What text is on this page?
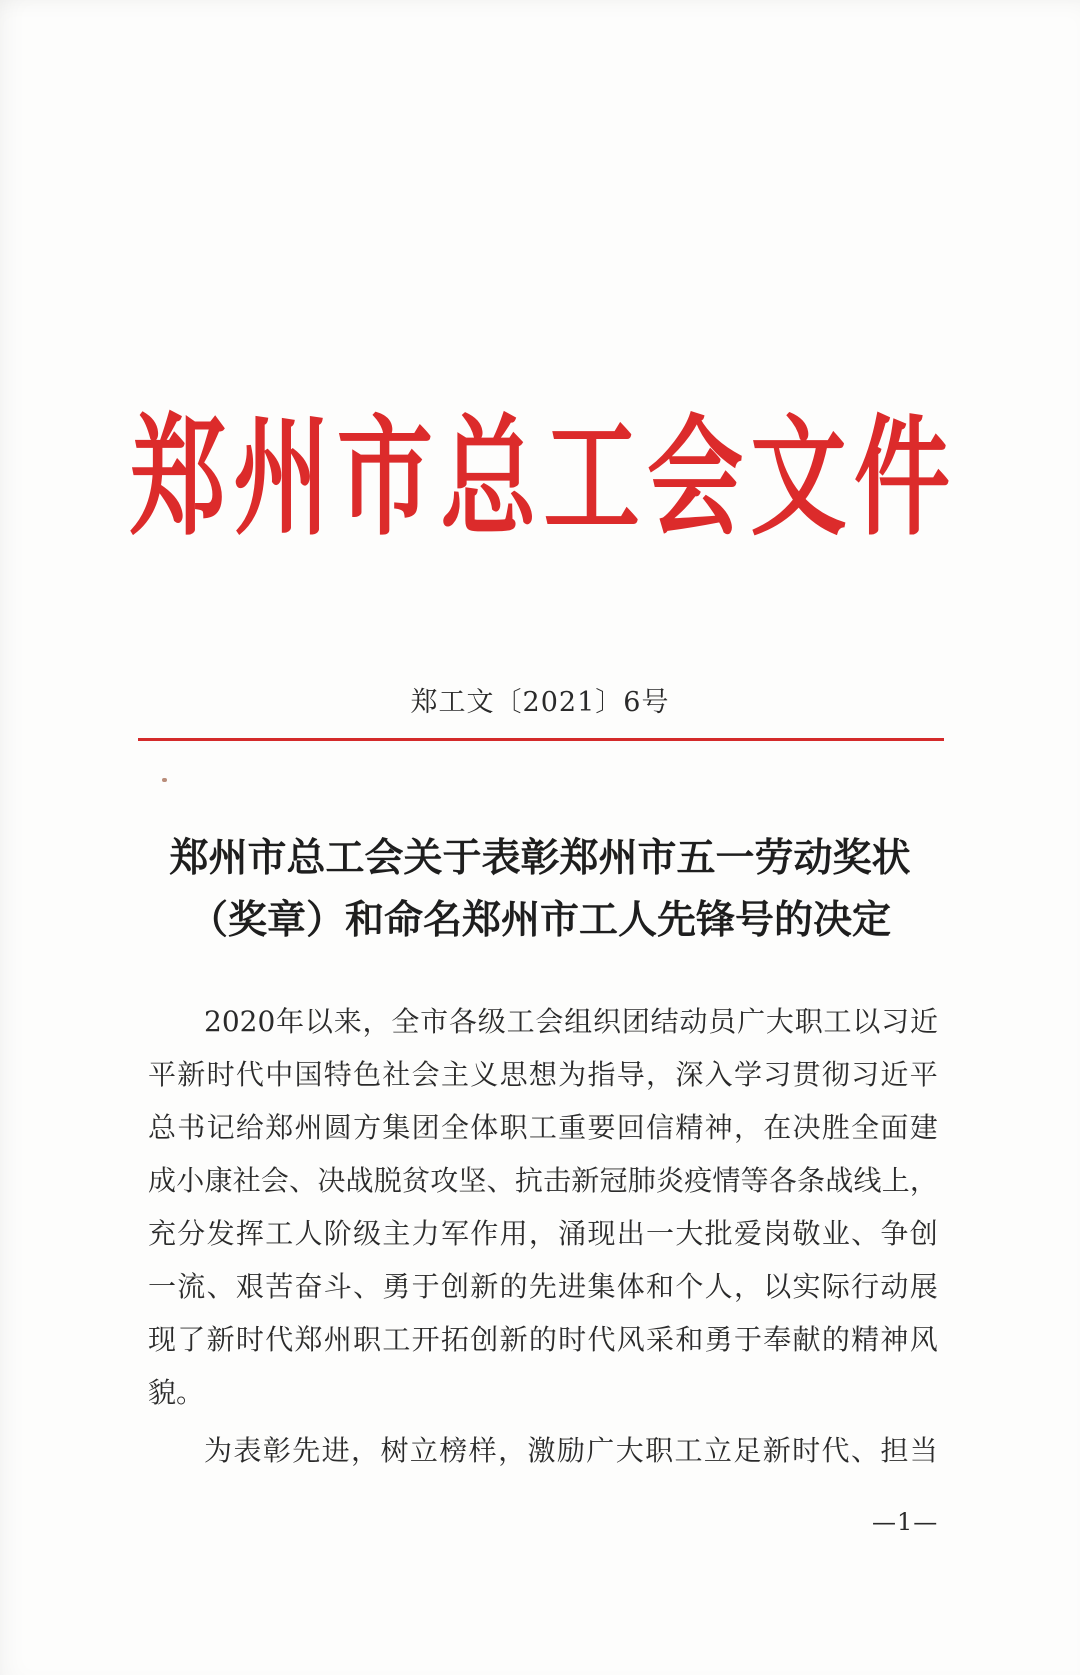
郑 州 市 总 工 会 文 件
郑工文〔2021〕6号
郑州市总工会关于表彰郑州市五一劳动奖状
（奖章）和命名郑州市工人先锋号的决定
2020 年 以 来 ， 全 市 各 级 工 会 组 织 团 结 动 员 广 大 职 工 以 习 近
平 新 时 代 中 国 特 色 社 会 主 义 思 想 为 指 导 ， 深 入 学 习 贯 彻 习 近 平
总 书 记 给 郑 州 圆 方 集 团 全 体 职 工 重 要 回 信 精 神 ， 在 决 胜 全 面 建
成 小 康 社 会 、 决 战 脱 贫 攻 坚 、 抗 击 新 冠 肺 炎 疫 情 等 各 条 战 线 上 ，
充 分 发 挥 工 人 阶 级 主 力 军 作 用 ， 涌 现 出 一 大 批 爱 岗 敬 业 、 争 创
一 流 、 艰 苦 奋 斗 、 勇 于 创 新 的 先 进 集 体 和 个 人 ， 以 实 际 行 动 展
现 了 新 时 代 郑 州 职 工 开 拓 创 新 的 时 代 风 采 和 勇 于 奉 献 的 精 神 风
貌 。
为 表 彰 先 进 ， 树 立 榜 样 ， 激 励 广 大 职 工 立 足 新 时 代 、 担 当
—1—
